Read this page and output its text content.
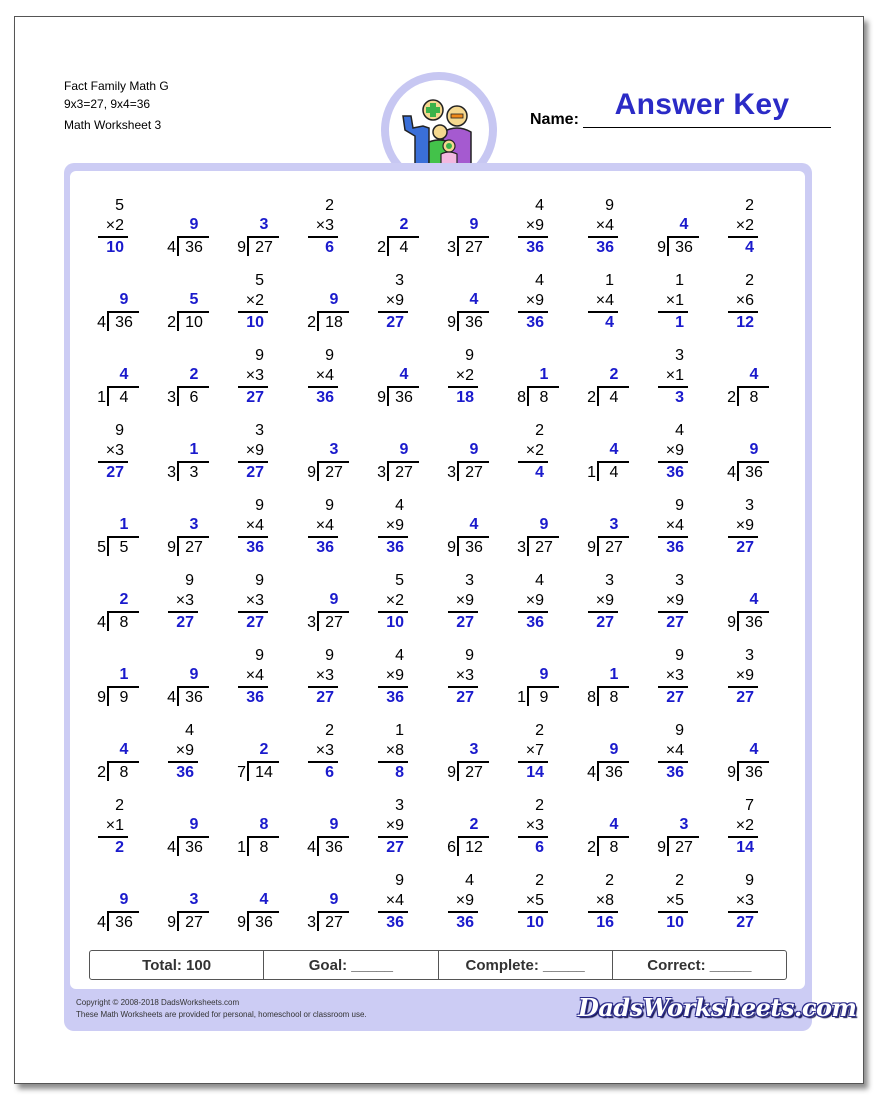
Fact Family Math G
9x3=27, 9x4=36
Math Worksheet 3	Name:	Answer Key
5
×2
10
9
4 36
3
9 27
2
×3
6
2
2 4
9
3 27
4
×9
36
9
×4
36
4
9 36
2
×2
4
9
4 36
5
2 10
5
×2
10
9
2 18
3
×9
27
4
9 36
4
×9
36
1
×4
4
1
×1
1
2
×6
12
4
1 4
2
3 6
9
×3
27
9
×4
36
4
9 36
9
×2
18
1
8 8
2
2 4
3
×1
3
4
2 8
9
×3
27
1
3 3
3
×9
27
3
9 27
9
3 27
9
3 27
2
×2
4
4
1 4
4
×9
36
9
4 36
1
5 5
3
9 27
9
×4
36
9
×4
36
4
×9
36
4
9 36
9
3 27
3
9 27
9
×4
36
3
×9
27
2
4 8
9
×3
27
9
×3
27
9
3 27
5
×2
10
3
×9
27
4
×9
36
3
×9
27
3
×9
27
4
9 36
1
9 9
9
4 36
9
×4
36
9
×3
27
4
×9
36
9
×3
27
9
1 9
1
8 8
9
×3
27
3
×9
27
4
2 8
4
×9
36
2
7 14
2
×3
6
1
×8
8
3
9 27
2
×7
14
9
4 36
9
×4
36
4
9 36
2
×1
2
9
4 36
8
1 8
9
4 36
3
×9
27
2
6 12
2
×3
6
4
2 8
3
9 27
7
×2
14
9
4 36
3
9 27
4
9 36
9
3 27
9
×4
36
4
×9
36
2
×5
10
2
×8
16
2
×5
10
9
×3
27
Total: 100	Goal: _____	Complete: _____	Correct: _____
Copyright © 2008-2018 DadsWorksheets.com
These Math Worksheets are provided for personal, homeschool or classroom use.	DadsWorksheets.com
